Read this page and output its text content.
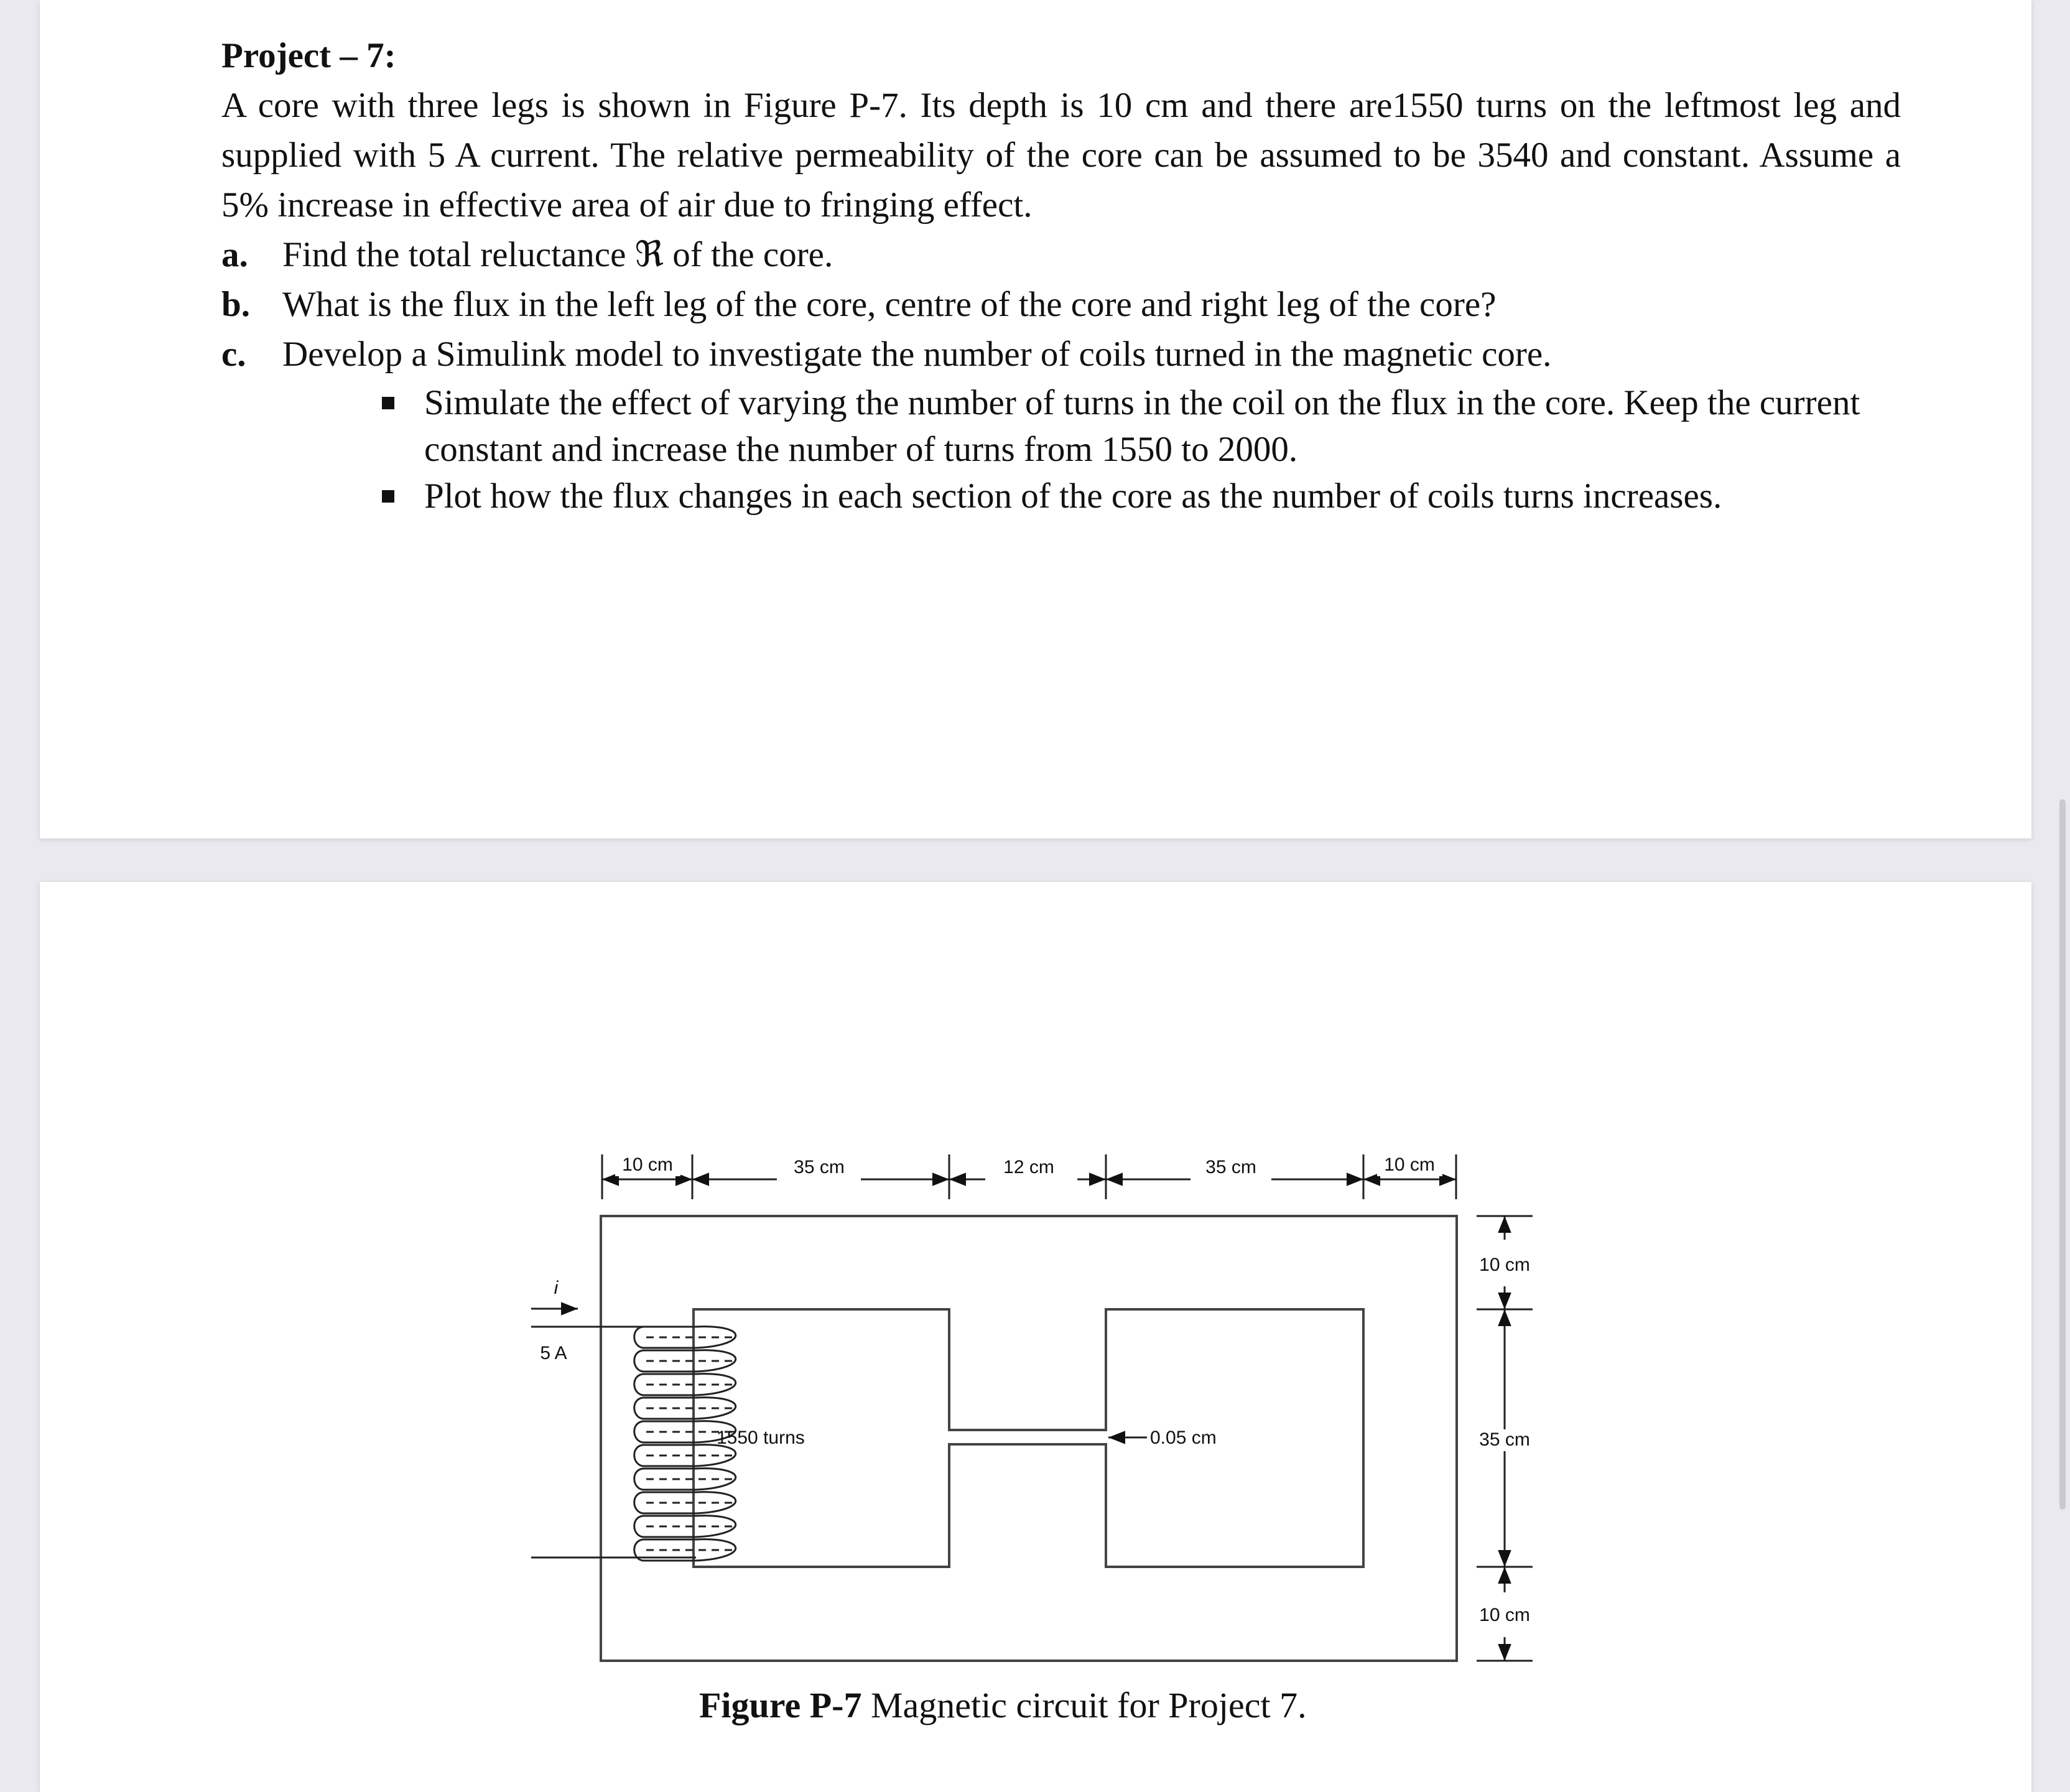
Project – 7:

A core with three legs is shown in Figure P-7. Its depth is 10 cm and there are1550 turns on the leftmost leg and supplied with 5 A current. The relative permeability of the core can be assumed to be 3540 and constant. Assume a 5% increase in effective area of air due to fringing effect.

a. Find the total reluctance ℜ of the core.
b. What is the flux in the left leg of the core, centre of the core and right leg of the core?
c.	Develop a Simulink model to investigate the number of coils turned in the magnetic core.
Simulate the effect of varying the number of turns in the coil on the flux in the core. Keep the current constant and increase the number of turns from 1550 to 2000.
Plot how the flux changes in each section of the core as the number of coils turns increases.
10 cm	35 cm	12 cm	35 cm	10 cm
10 cm
35 cm
10 cm
i
5 A
1550 turns	0.05 cm
Figure P-7 Magnetic circuit for Project 7.
